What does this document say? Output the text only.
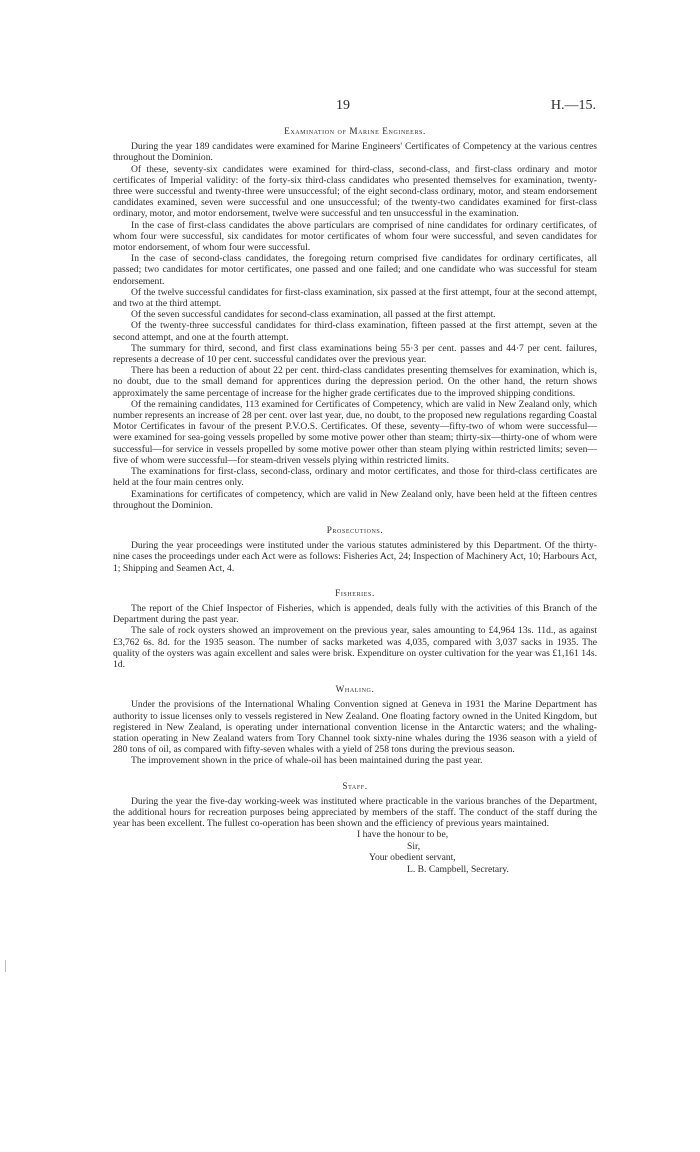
19	H.—15.
Examination of Marine Engineers.

During the year 189 candidates were examined for Marine Engineers' Certificates of Competency at the various centres throughout the Dominion.

Of these, seventy-six candidates were examined for third-class, second-class, and first-class ordinary and motor certificates of Imperial validity: of the forty-six third-class candidates who presented themselves for examination, twenty-three were successful and twenty-three were unsuccessful; of the eight second-class ordinary, motor, and steam endorsement candidates examined, seven were successful and one unsuccessful; of the twenty-two candidates examined for first-class ordinary, motor, and motor endorsement, twelve were successful and ten unsuccessful in the examination.

In the case of first-class candidates the above particulars are comprised of nine candidates for ordinary certificates, of whom four were successful, six candidates for motor certificates of whom four were successful, and seven candidates for motor endorsement, of whom four were successful.

In the case of second-class candidates, the foregoing return comprised five candidates for ordinary certificates, all passed; two candidates for motor certificates, one passed and one failed; and one candidate who was successful for steam endorsement.

Of the twelve successful candidates for first-class examination, six passed at the first attempt, four at the second attempt, and two at the third attempt.

Of the seven successful candidates for second-class examination, all passed at the first attempt.

Of the twenty-three successful candidates for third-class examination, fifteen passed at the first attempt, seven at the second attempt, and one at the fourth attempt.

The summary for third, second, and first class examinations being 55·3 per cent. passes and 44·7 per cent. failures, represents a decrease of 10 per cent. successful candidates over the previous year.

There has been a reduction of about 22 per cent. third-class candidates presenting themselves for examination, which is, no doubt, due to the small demand for apprentices during the depression period. On the other hand, the return shows approximately the same percentage of increase for the higher grade certificates due to the improved shipping conditions.

Of the remaining candidates, 113 examined for Certificates of Competency, which are valid in New Zealand only, which number represents an increase of 28 per cent. over last year, due, no doubt, to the proposed new regulations regarding Coastal Motor Certificates in favour of the present P.V.O.S. Certificates. Of these, seventy—fifty-two of whom were successful—were examined for sea-going vessels propelled by some motive power other than steam; thirty-six—thirty-one of whom were successful—for service in vessels propelled by some motive power other than steam plying within restricted limits; seven—five of whom were successful—for steam-driven vessels plying within restricted limits.

The examinations for first-class, second-class, ordinary and motor certificates, and those for third-class certificates are held at the four main centres only.

Examinations for certificates of competency, which are valid in New Zealand only, have been held at the fifteen centres throughout the Dominion.

Prosecutions.

During the year proceedings were instituted under the various statutes administered by this Department. Of the thirty-nine cases the proceedings under each Act were as follows: Fisheries Act, 24; Inspection of Machinery Act, 10; Harbours Act, 1; Shipping and Seamen Act, 4.

Fisheries.

The report of the Chief Inspector of Fisheries, which is appended, deals fully with the activities of this Branch of the Department during the past year.

The sale of rock oysters showed an improvement on the previous year, sales amounting to £4,964 13s. 11d., as against £3,762 6s. 8d. for the 1935 season. The number of sacks marketed was 4,035, compared with 3,037 sacks in 1935. The quality of the oysters was again excellent and sales were brisk. Expenditure on oyster cultivation for the year was £1,161 14s. 1d.

Whaling.

Under the provisions of the International Whaling Convention signed at Geneva in 1931 the Marine Department has authority to issue licenses only to vessels registered in New Zealand. One floating factory owned in the United Kingdom, but registered in New Zealand, is operating under international convention license in the Antarctic waters; and the whaling-station operating in New Zealand waters from Tory Channel took sixty-nine whales during the 1936 season with a yield of 280 tons of oil, as compared with fifty-seven whales with a yield of 258 tons during the previous season.

The improvement shown in the price of whale-oil has been maintained during the past year.

Staff.

During the year the five-day working-week was instituted where practicable in the various branches of the Department, the additional hours for recreation purposes being appreciated by members of the staff. The conduct of the staff during the year has been excellent. The fullest co-operation has been shown and the efficiency of previous years maintained.

I have the honour to be,
Sir,
Your obedient servant,
L. B. Campbell, Secretary.
